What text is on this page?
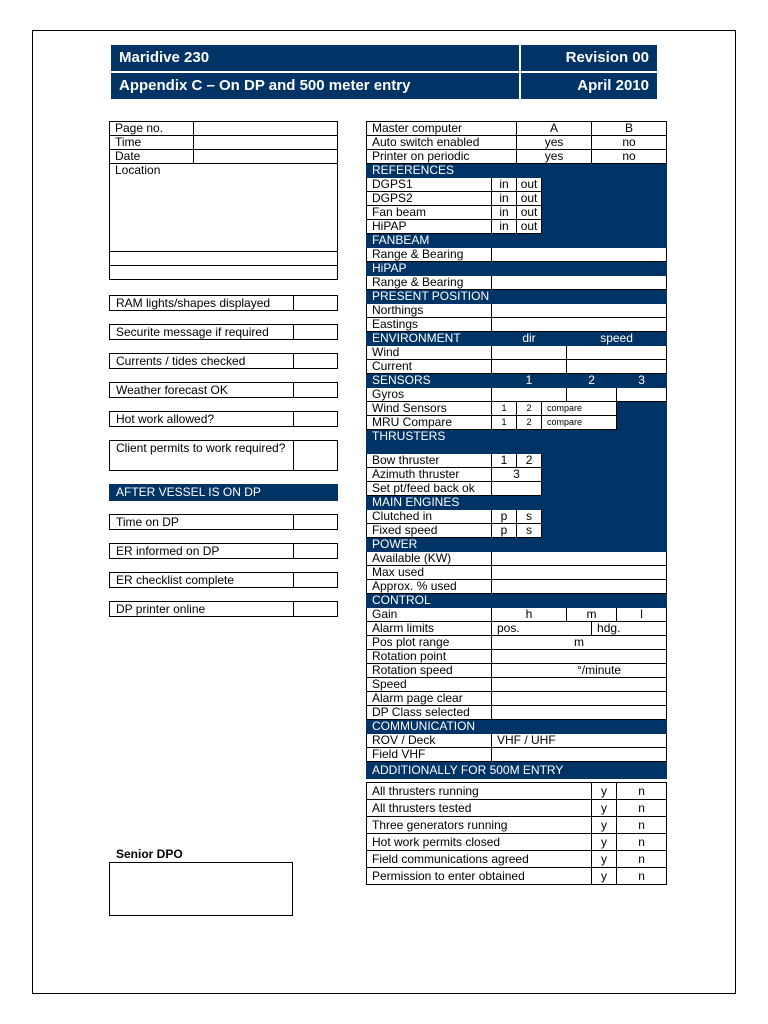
Maridive 230	Revision 00
Appendix C – On DP and 500 meter entry	April 2010
Page no.	
Time	
Date	
Location	

RAM lights/shapes displayed
Securite message if required
Currents / tides checked
Weather forecast OK
Hot work allowed?
Client permits to work required?
AFTER VESSEL IS ON DP
Time on DP
ER informed on DP
ER checklist complete
DP printer online
Senior DPO
Master computer		A			B	
Auto switch enabled		yes			no	
Printer on periodic		yes			no	
REFERENCES						
DGPS1	in	out				
DGPS2	in	out				
Fan beam	in	out				
HiPAP	in	out				
FANBEAM						
Range & Bearing						
HiPAP						
Range & Bearing						
PRESENT POSITION						
Northings						
Eastings						
ENVIRONMENT	dir			speed		
Wind						
Current						
SENSORS	1			2		3
Gyros						
Wind Sensors	1	2	compare			
MRU Compare	1	2	compare			
THRUSTERS						
Bow thruster	1	2				
Azimuth thruster	3					
Set pt/feed back ok						
MAIN ENGINES						
Clutched in	p	s				
Fixed speed	p	s				
POWER						
Available (KW)						
Max used						
Approx. % used						
CONTROL						
Gain	h			m		l
Alarm limits	pos.				hdg.	
Pos plot range	m					
Rotation point						
Rotation speed	°/minute					
Speed						
Alarm page clear						
DP Class selected						
COMMUNICATION						
ROV / Deck	VHF / UHF					
Field VHF						
ADDITIONALLY FOR 500M ENTRY						

All thrusters running					y	n
All thrusters tested					y	n
Three generators running					y	n
Hot work permits closed					y	n
Field communications agreed					y	n
Permission to enter obtained					y	n
